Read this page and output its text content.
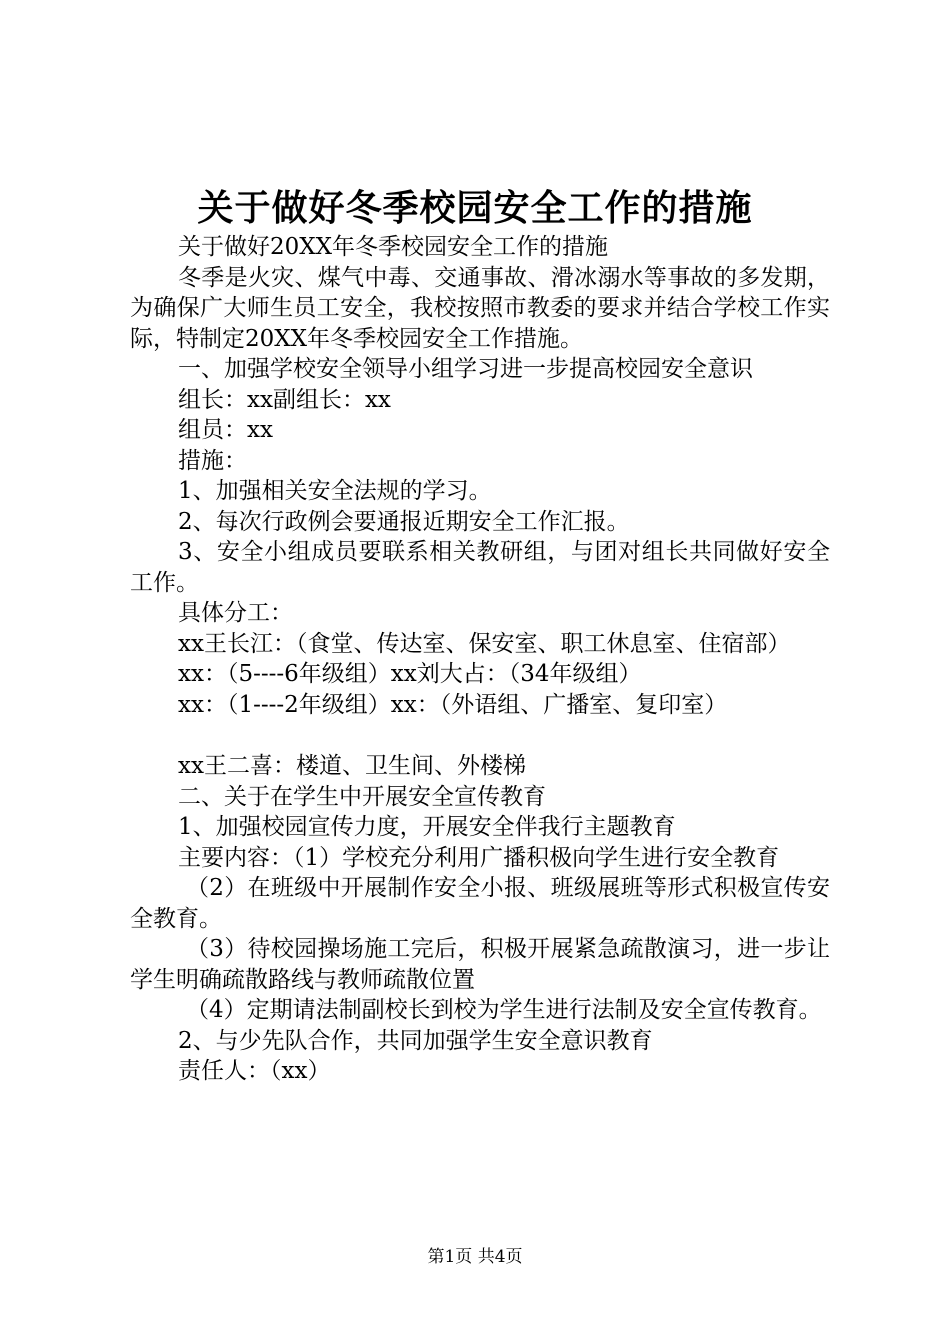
关于做好冬季校园安全工作的措施

关于做好20XX年冬季校园安全工作的措施

冬季是火灾、煤气中毒、交通事故、滑冰溺水等事故的多发期，为确保广大师生员工安全，我校按照市教委的要求并结合学校工作实际，特制定20XX年冬季校园安全工作措施。

一、加强学校安全领导小组学习进一步提高校园安全意识

组长：xx副组长：xx

组员：xx

措施：

1、加强相关安全法规的学习。

2、每次行政例会要通报近期安全工作汇报。

3、安全小组成员要联系相关教研组，与团对组长共同做好安全工作。

具体分工：

xx王长江：（食堂、传达室、保安室、职工休息室、住宿部）

xx：（5----6年级组）xx刘大占：（34年级组）

xx：（1----2年级组）xx：（外语组、广播室、复印室）

xx王二喜：楼道、卫生间、外楼梯

二、关于在学生中开展安全宣传教育

1、加强校园宣传力度，开展安全伴我行主题教育

主要内容：（1）学校充分利用广播积极向学生进行安全教育

（2）在班级中开展制作安全小报、班级展班等形式积极宣传安全教育。

（3）待校园操场施工完后，积极开展紧急疏散演习，进一步让学生明确疏散路线与教师疏散位置

（4）定期请法制副校长到校为学生进行法制及安全宣传教育。

2、与少先队合作，共同加强学生安全意识教育

责任人：（xx）

第1页 共4页
